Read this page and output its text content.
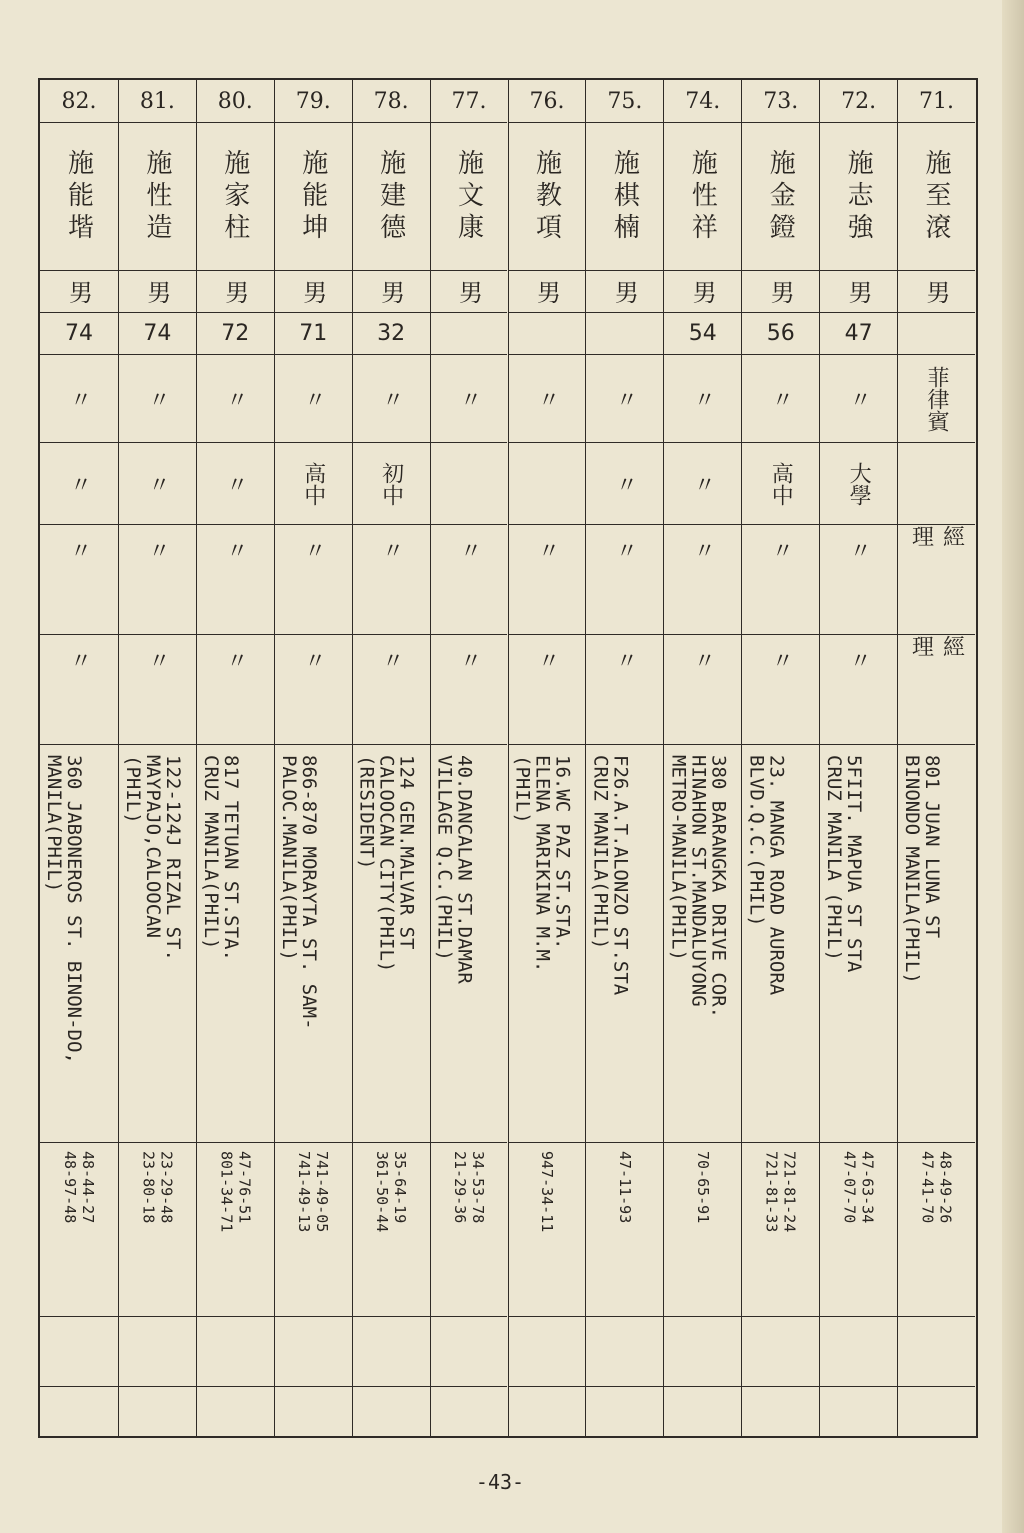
71.
施至滾
男
菲律賓
經理
經理
801 JUAN LUNA ST
BINONDO MANILA(PHIL)
48-49-26
47-41-70
72.
施志強
男
47
〃
大學
〃
〃
5FIIT. MAPUA ST STA
CRUZ MANILA (PHIL)
47-63-34
47-07-70
73.
施金鐙
男
56
〃
高中
〃
〃
23. MANGA ROAD AURORA
BLVD.Q.C.(PHIL)
721-81-24
721-81-33
74.
施性祥
男
54
〃
〃
〃
〃
380 BARANGKA DRIVE COR.
HINAHON ST.MANDALUYONG
METRO-MANILA(PHIL)
70-65-91
75.
施棋楠
男
〃
〃
〃
〃
F26.A.T.ALONZO ST.STA
CRUZ MANILA(PHIL)
47-11-93
76.
施教項
男
〃
〃
〃
16.WC PAZ ST.STA.
ELENA MARIKINA M.M.
(PHIL)
947-34-11
77.
施文康
男
〃
〃
〃
40.DANCALAN ST.DAMAR
VILLAGE Q.C.(PHIL)
34-53-78
21-29-36
78.
施建德
男
32
〃
初中
〃
〃
124 GEN.MALVAR ST
CALOOCAN CITY(PHIL)
(RESIDENT)
35-64-19
361-50-44
79.
施能坤
男
71
〃
高中
〃
〃
866-870 MORAYTA ST. SAM-
PALOC.MANILA(PHIL)
741-49-05
741-49-13
80.
施家柱
男
72
〃
〃
〃
〃
817 TETUAN ST.STA.
CRUZ MANILA(PHIL)
47-76-51
801-34-71
81.
施性造
男
74
〃
〃
〃
〃
122-124J RIZAL ST.
MAYPAJO,CALOOCAN
(PHIL)
23-29-48
23-80-18
82.
施能堦
男
74
〃
〃
〃
〃
360 JABONEROS ST. BINON-DO,
MANILA(PHIL)
48-44-27
48-97-48
-43-
